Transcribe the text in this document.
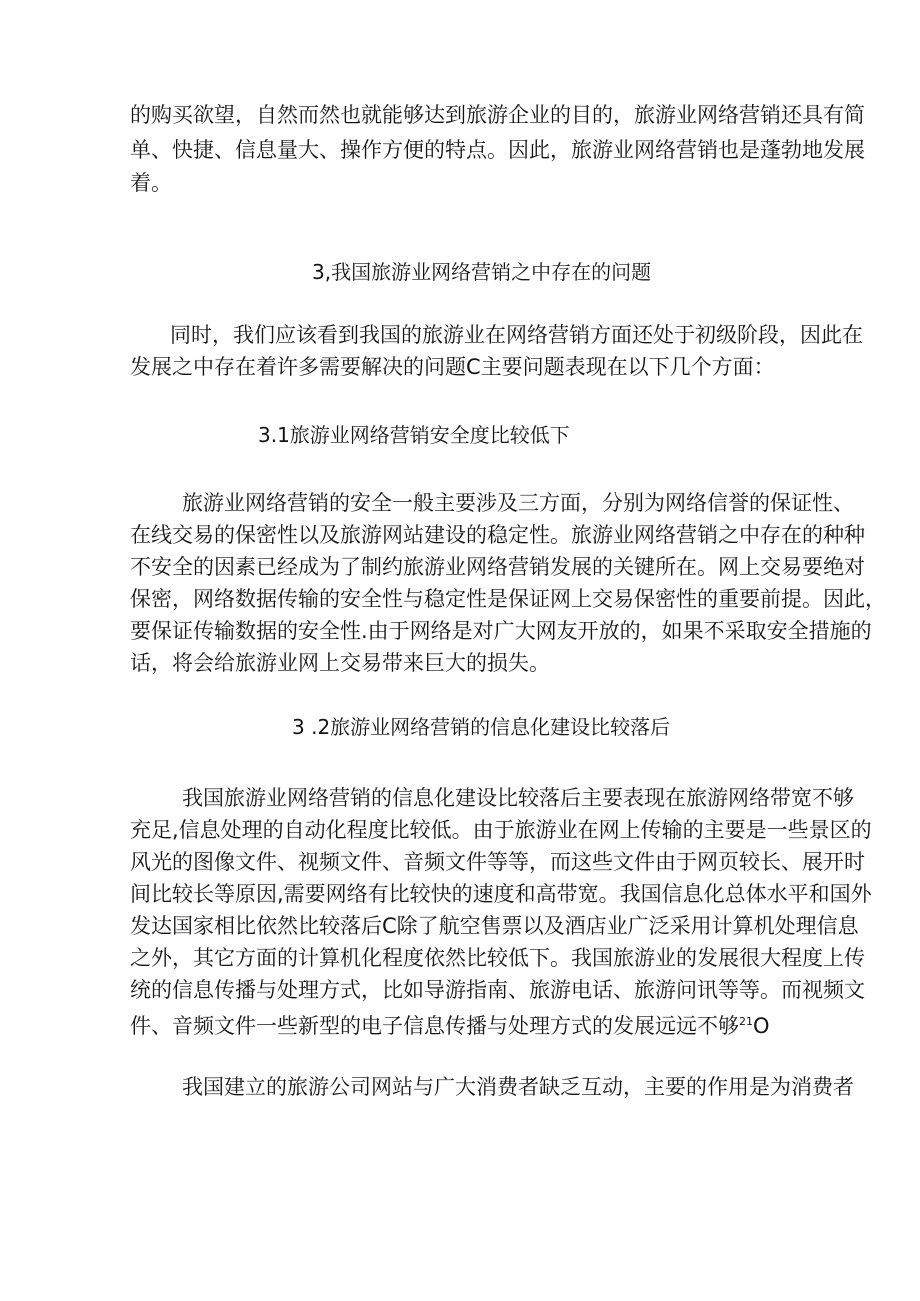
的购买欲望，自然而然也就能够达到旅游企业的目的，旅游业网络营销还具有简
单、快捷、信息量大、操作方便的特点。因此，旅游业网络营销也是蓬勃地发展
着。
3,我国旅游业网络营销之中存在的问题
同时，我们应该看到我国的旅游业在网络营销方面还处于初级阶段，因此在
发展之中存在着许多需要解决的问题C主要问题表现在以下几个方面：
3.1旅游业网络营销安全度比较低下
旅游业网络营销的安全一般主要涉及三方面，分别为网络信誉的保证性、
在线交易的保密性以及旅游网站建设的稳定性。旅游业网络营销之中存在的种种
不安全的因素已经成为了制约旅游业网络营销发展的关键所在。网上交易要绝对
保密，网络数据传输的安全性与稳定性是保证网上交易保密性的重要前提。因此，
要保证传输数据的安全性.由于网络是对广大网友开放的，如果不采取安全措施的
话，将会给旅游业网上交易带来巨大的损失。
3 .2旅游业网络营销的信息化建设比较落后
我国旅游业网络营销的信息化建设比较落后主要表现在旅游网络带宽不够
充足,信息处理的自动化程度比较低。由于旅游业在网上传输的主要是一些景区的
风光的图像文件、视频文件、音频文件等等，而这些文件由于网页较长、展开时
间比较长等原因,需要网络有比较快的速度和高带宽。我国信息化总体水平和国外
发达国家相比依然比较落后C除了航空售票以及酒店业广泛采用计算机处理信息
之外，其它方面的计算机化程度依然比较低下。我国旅游业的发展很大程度上传
统的信息传播与处理方式，比如导游指南、旅游电话、旅游问讯等等。而视频文
件、音频文件一些新型的电子信息传播与处理方式的发展远远不够$^{21}$O
我国建立的旅游公司网站与广大消费者缺乏互动，主要的作用是为消费者
